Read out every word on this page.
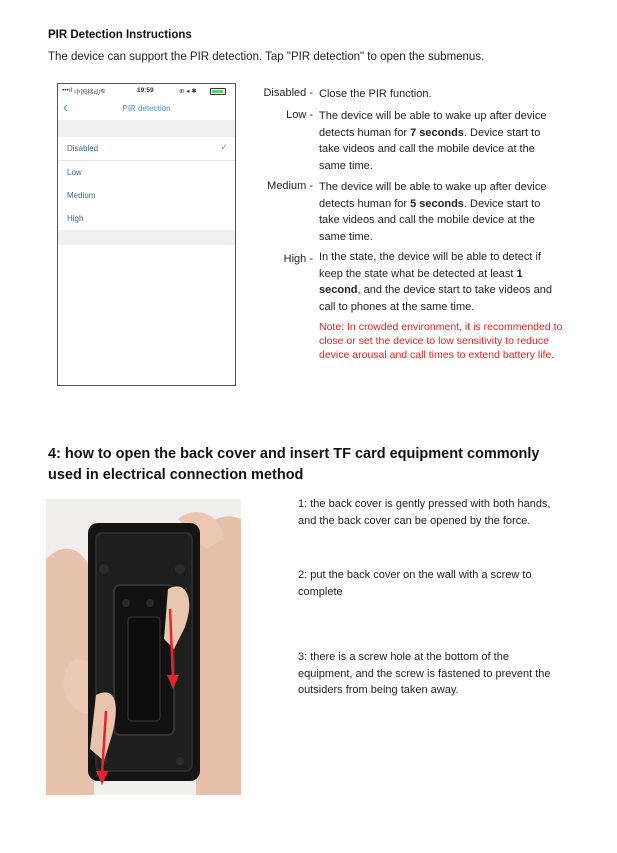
PIR Detection Instructions
The device can support the PIR detection. Tap "PIR detection" to open the submenus.
•••ıl 中国移动 ≋	19:59	⊕ ◂ ✱
‹	PIR detection
Disabled	✓
Low
Medium
High
Disabled - Close the PIR function.
Low - The device will be able to wake up after device detects human for 7 seconds. Device start to take videos and call the mobile device at the same time.
Medium - The device will be able to wake up after device detects human for 5 seconds. Device start to take videos and call the mobile device at the same time.
High - In the state, the device will be able to detect if keep the state what be detected at least 1 second, and the device start to take videos and call to phones at the same time.
Note: In crowded environment, it is recommended to close or set the device to low sensitivity to reduce device arousal and call times to extend battery life.
4: how to open the back cover and insert TF card equipment commonly used in electrical connection method
1: the back cover is gently pressed with both hands, and the back cover can be opened by the force.
2: put the back cover on the wall with a screw to complete
3: there is a screw hole at the bottom of the equipment, and the screw is fastened to prevent the outsiders from being taken away.
